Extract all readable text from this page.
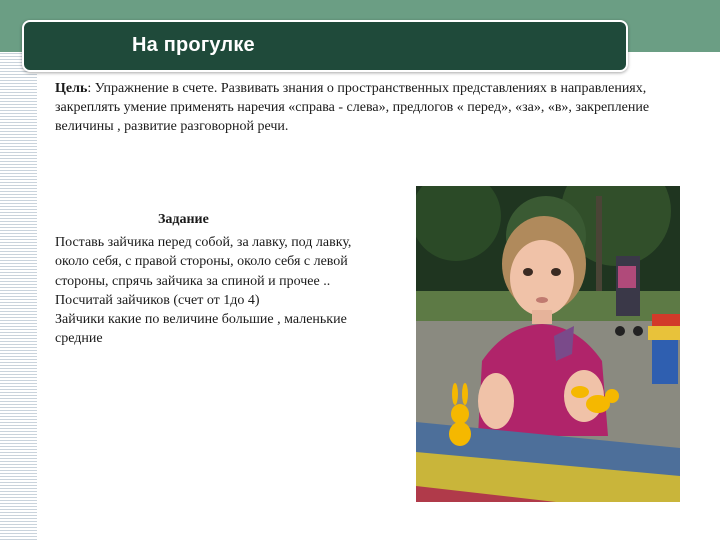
На прогулке
Цель: Упражнение в счете. Развивать знания о пространственных представлениях в направлениях, закреплять умение применять наречия «справа - слева», предлогов « перед», «за», «в», закрепление величины , развитие разговорной речи.
Задание
Поставь зайчика перед собой, за лавку, под лавку,
около себя, с правой стороны, около себя с левой
стороны, спрячь зайчика за спиной и прочее ..
Посчитай зайчиков (счет от 1до 4)
Зайчики какие по величине большие , маленькие
средние
